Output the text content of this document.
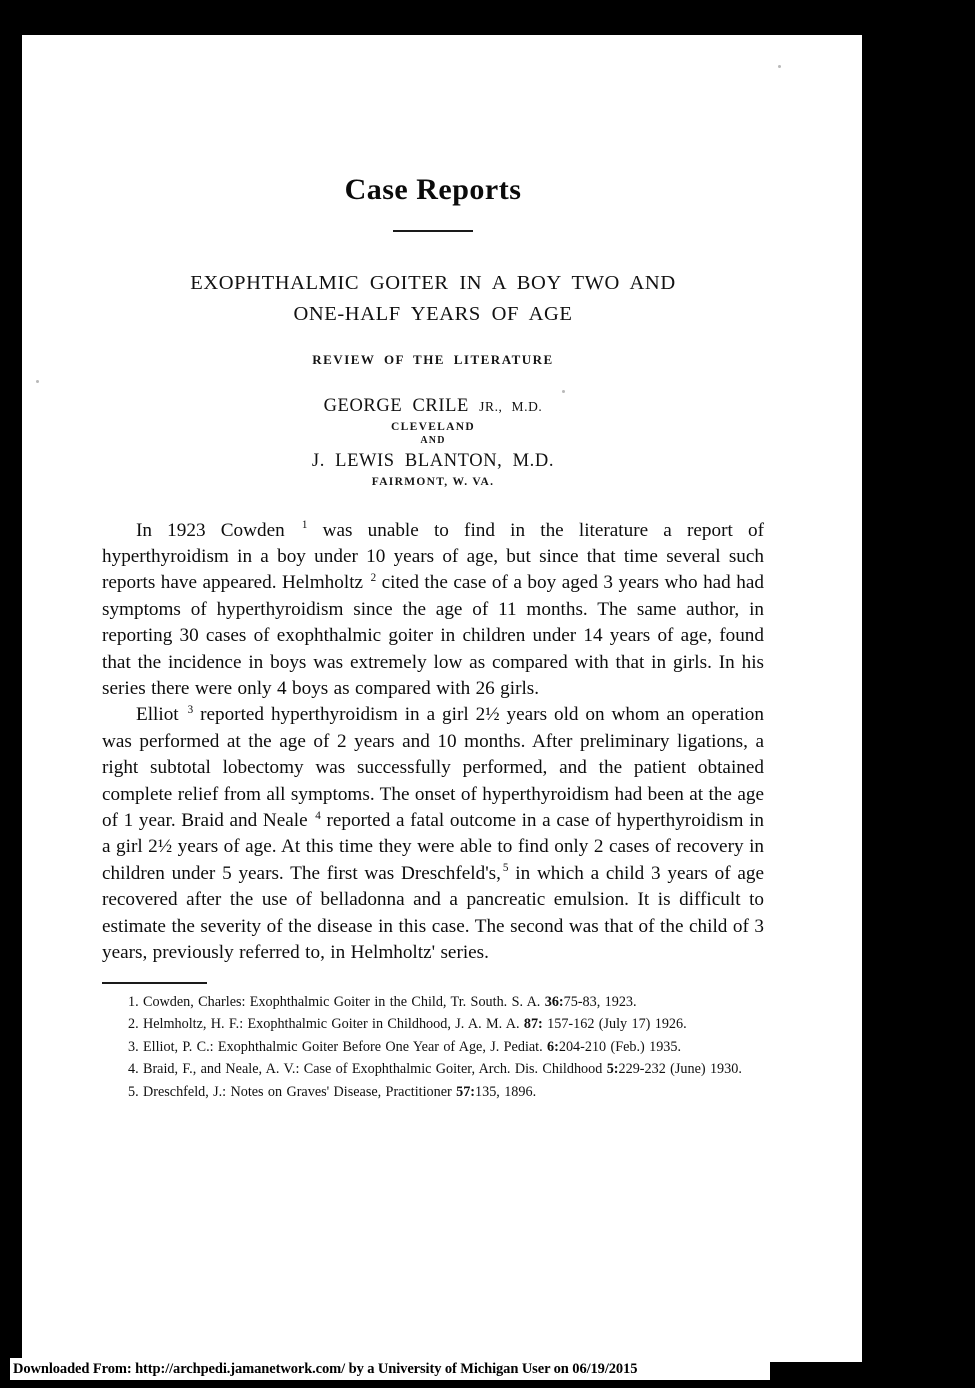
Case Reports
EXOPHTHALMIC GOITER IN A BOY TWO AND
ONE-HALF YEARS OF AGE
REVIEW OF THE LITERATURE
GEORGE CRILE JR., M.D.
CLEVELAND
AND
J. LEWIS BLANTON, M.D.
FAIRMONT, W. VA.

In 1923 Cowden $^1$ was unable to find in the literature a report of hyperthyroidism in a boy under 10 years of age, but since that time several such reports have appeared. Helmholtz $^2$ cited the case of a boy aged 3 years who had had symptoms of hyperthyroidism since the age of 11 months. The same author, in reporting 30 cases of exophthalmic goiter in children under 14 years of age, found that the incidence in boys was extremely low as compared with that in girls. In his series there were only 4 boys as compared with 26 girls.

Elliot $^3$ reported hyperthyroidism in a girl 2½ years old on whom an operation was performed at the age of 2 years and 10 months. After preliminary ligations, a right subtotal lobectomy was successfully performed, and the patient obtained complete relief from all symptoms. The onset of hyperthyroidism had been at the age of 1 year. Braid and Neale $^4$ reported a fatal outcome in a case of hyperthyroidism in a girl 2½ years of age. At this time they were able to find only 2 cases of recovery in children under 5 years. The first was Dreschfeld's, $^5$ in which a child 3 years of age recovered after the use of belladonna and a pancreatic emulsion. It is difficult to estimate the severity of the disease in this case. The second was that of the child of 3 years, previously referred to, in Helmholtz' series.

1. Cowden, Charles: Exophthalmic Goiter in the Child, Tr. South. S. A. 36:75-83, 1923.

2. Helmholtz, H. F.: Exophthalmic Goiter in Childhood, J. A. M. A. 87: 157-162 (July 17) 1926.

3. Elliot, P. C.: Exophthalmic Goiter Before One Year of Age, J. Pediat. 6:204-210 (Feb.) 1935.

4. Braid, F., and Neale, A. V.: Case of Exophthalmic Goiter, Arch. Dis. Childhood 5:229-232 (June) 1930.

5. Dreschfeld, J.: Notes on Graves' Disease, Practitioner 57:135, 1896.

Downloaded From: http://archpedi.jamanetwork.com/ by a University of Michigan User on 06/19/2015
